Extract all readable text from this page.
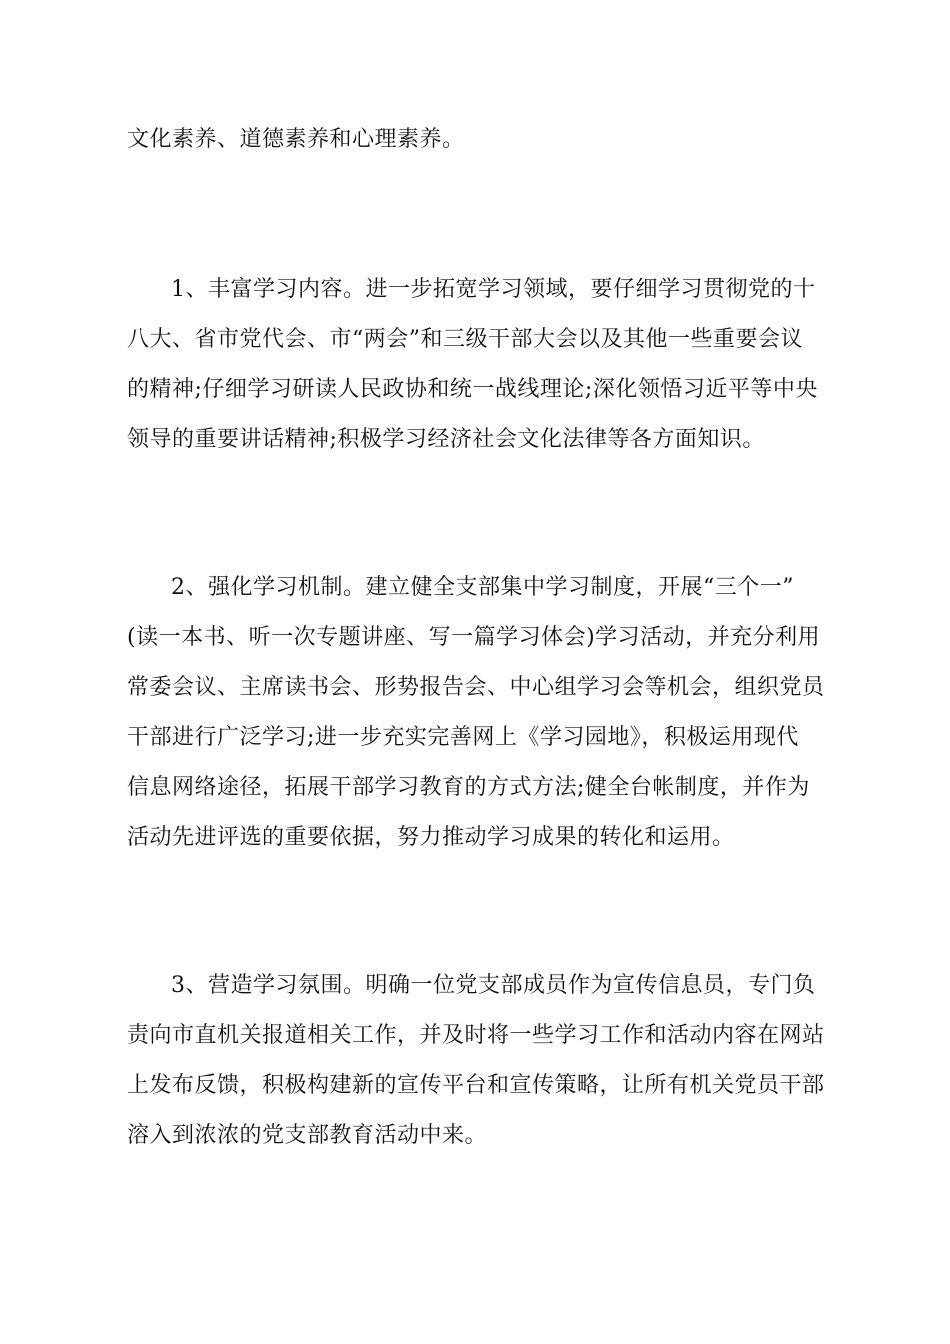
文化素养、道德素养和心理素养。
1、丰富学习内容。进一步拓宽学习领域，要仔细学习贯彻党的十
八大、省市党代会、市“两会”和三级干部大会以及其他一些重要会议
的精神;仔细学习研读人民政协和统一战线理论;深化领悟习近平等中央
领导的重要讲话精神;积极学习经济社会文化法律等各方面知识。
2、强化学习机制。建立健全支部集中学习制度，开展“三个一”
(读一本书、听一次专题讲座、写一篇学习体会)学习活动，并充分利用
常委会议、主席读书会、形势报告会、中心组学习会等机会，组织党员
干部进行广泛学习;进一步充实完善网上《学习园地》，积极运用现代
信息网络途径，拓展干部学习教育的方式方法;健全台帐制度，并作为
活动先进评选的重要依据，努力推动学习成果的转化和运用。
3、营造学习氛围。明确一位党支部成员作为宣传信息员，专门负
责向市直机关报道相关工作，并及时将一些学习工作和活动内容在网站
上发布反馈，积极构建新的宣传平台和宣传策略，让所有机关党员干部
溶入到浓浓的党支部教育活动中来。
